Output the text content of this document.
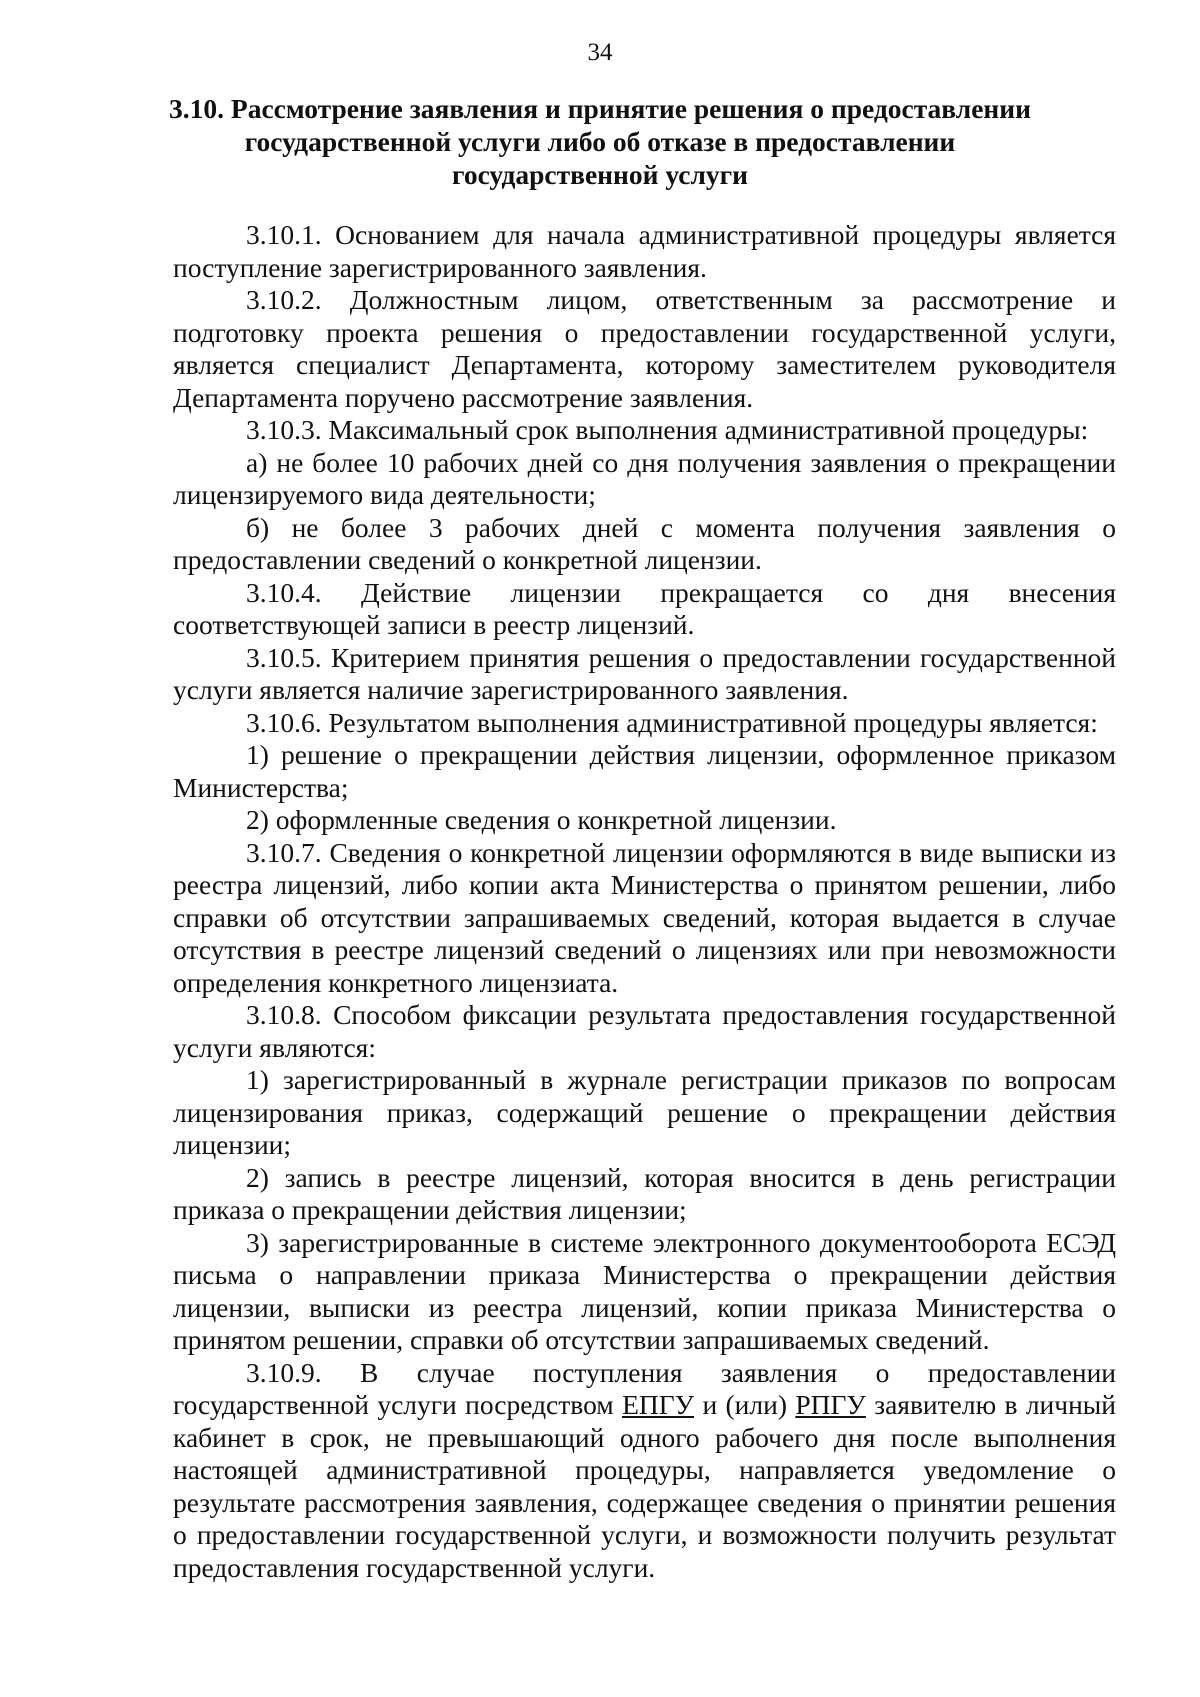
34
3.10. Рассмотрение заявления и принятие решения о предоставлении
государственной услуги либо об отказе в предоставлении
государственной услуги

3.10.1. Основанием для начала административной процедуры является поступление зарегистрированного заявления.

3.10.2. Должностным лицом, ответственным за рассмотрение и подготовку проекта решения о предоставлении государственной услуги, является специалист Департамента, которому заместителем руководителя Департамента поручено рассмотрение заявления.

3.10.3. Максимальный срок выполнения административной процедуры:

а) не более 10 рабочих дней со дня получения заявления о прекращении лицензируемого вида деятельности;

б) не более 3 рабочих дней с момента получения заявления о предоставлении сведений о конкретной лицензии.

3.10.4. Действие лицензии прекращается со дня внесения соответствующей записи в реестр лицензий.

3.10.5. Критерием принятия решения о предоставлении государственной услуги является наличие зарегистрированного заявления.

3.10.6. Результатом выполнения административной процедуры является:

1) решение о прекращении действия лицензии, оформленное приказом Министерства;

2) оформленные сведения о конкретной лицензии.

3.10.7. Сведения о конкретной лицензии оформляются в виде выписки из реестра лицензий, либо копии акта Министерства о принятом решении, либо справки об отсутствии запрашиваемых сведений, которая выдается в случае отсутствия в реестре лицензий сведений о лицензиях или при невозможности определения конкретного лицензиата.

3.10.8. Способом фиксации результата предоставления государственной услуги являются:

1) зарегистрированный в журнале регистрации приказов по вопросам лицензирования приказ, содержащий решение о прекращении действия лицензии;

2) запись в реестре лицензий, которая вносится в день регистрации приказа о прекращении действия лицензии;

3) зарегистрированные в системе электронного документооборота ЕСЭД письма о направлении приказа Министерства о прекращении действия лицензии, выписки из реестра лицензий, копии приказа Министерства о принятом решении, справки об отсутствии запрашиваемых сведений.

3.10.9. В случае поступления заявления о предоставлении государственной услуги посредством ЕПГУ и (или) РПГУ заявителю в личный кабинет в срок, не превышающий одного рабочего дня после выполнения настоящей административной процедуры, направляется уведомление о результате рассмотрения заявления, содержащее сведения о принятии решения о предоставлении государственной услуги, и возможности получить результат предоставления государственной услуги.
